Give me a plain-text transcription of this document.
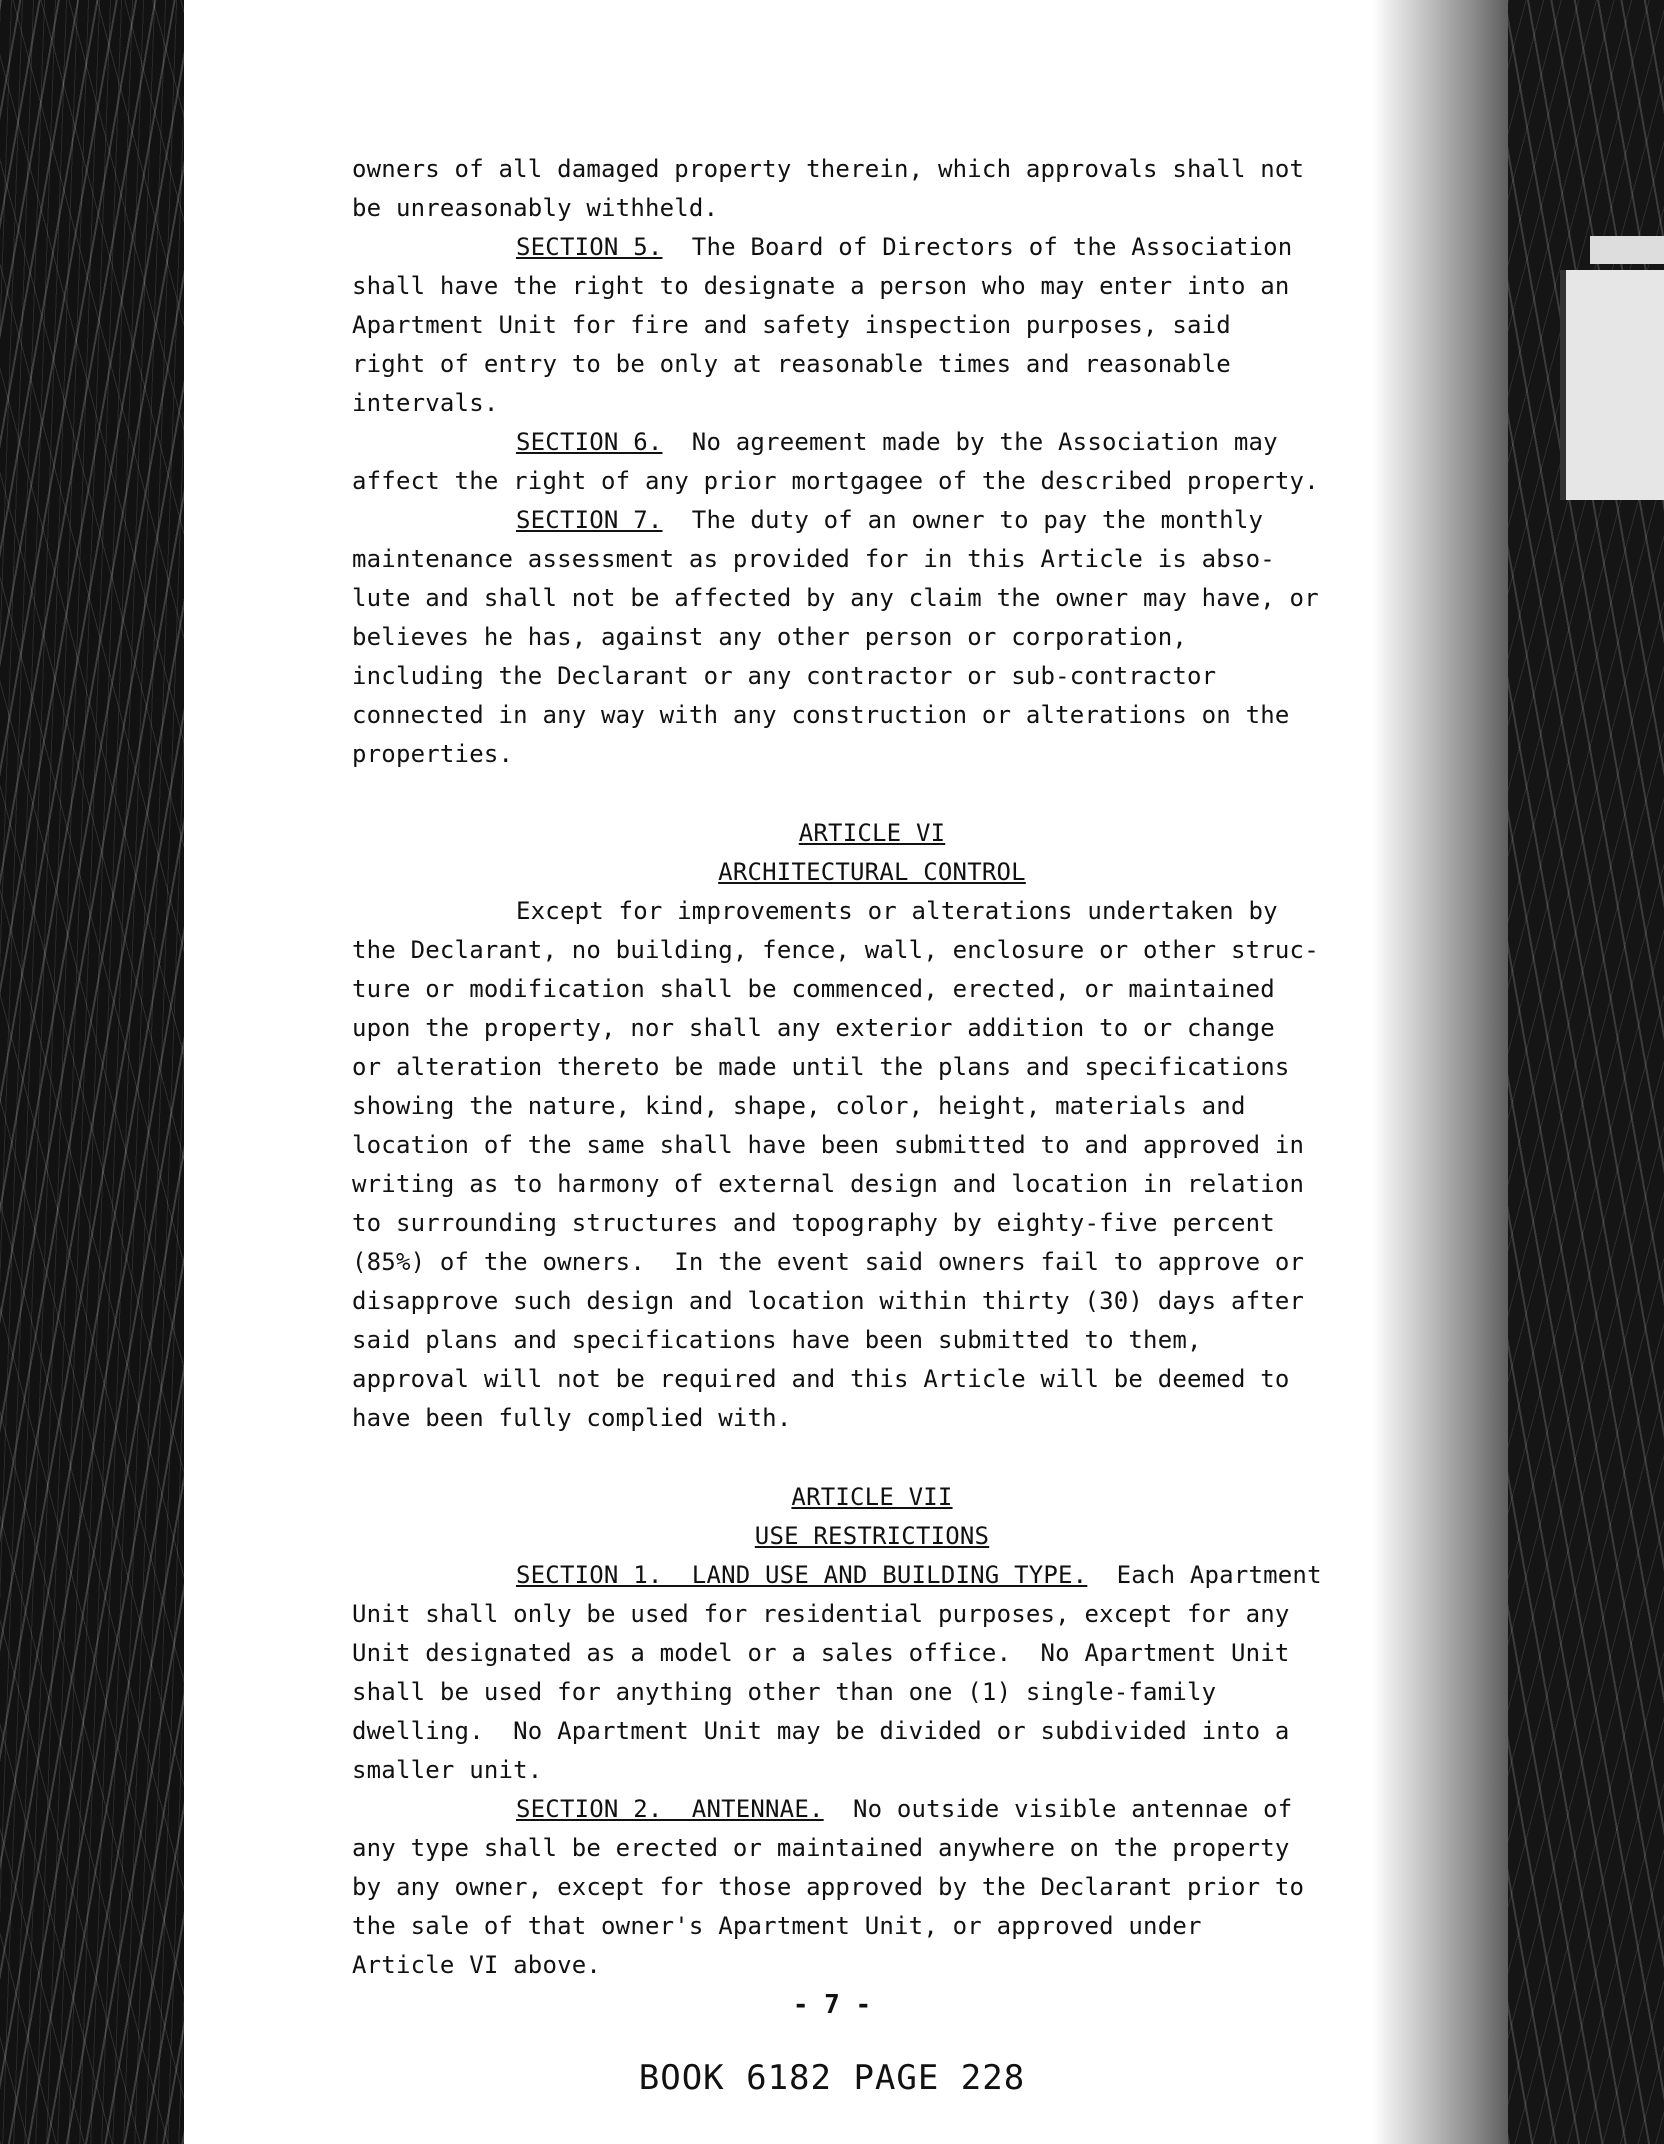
owners of all damaged property therein, which approvals shall not
be unreasonably withheld.
SECTION 5.  The Board of Directors of the Association
shall have the right to designate a person who may enter into an
Apartment Unit for fire and safety inspection purposes, said
right of entry to be only at reasonable times and reasonable
intervals.
SECTION 6.  No agreement made by the Association may
affect the right of any prior mortgagee of the described property.
SECTION 7.  The duty of an owner to pay the monthly
maintenance assessment as provided for in this Article is abso-
lute and shall not be affected by any claim the owner may have, or
believes he has, against any other person or corporation,
including the Declarant or any contractor or sub-contractor
connected in any way with any construction or alterations on the
properties.
ARTICLE VI
ARCHITECTURAL CONTROL
Except for improvements or alterations undertaken by
the Declarant, no building, fence, wall, enclosure or other struc-
ture or modification shall be commenced, erected, or maintained
upon the property, nor shall any exterior addition to or change
or alteration thereto be made until the plans and specifications
showing the nature, kind, shape, color, height, materials and
location of the same shall have been submitted to and approved in
writing as to harmony of external design and location in relation
to surrounding structures and topography by eighty-five percent
(85%) of the owners.  In the event said owners fail to approve or
disapprove such design and location within thirty (30) days after
said plans and specifications have been submitted to them,
approval will not be required and this Article will be deemed to
have been fully complied with.
ARTICLE VII
USE RESTRICTIONS
SECTION 1.  LAND USE AND BUILDING TYPE.  Each Apartment
Unit shall only be used for residential purposes, except for any
Unit designated as a model or a sales office.  No Apartment Unit
shall be used for anything other than one (1) single-family
dwelling.  No Apartment Unit may be divided or subdivided into a
smaller unit.
SECTION 2.  ANTENNAE.  No outside visible antennae of
any type shall be erected or maintained anywhere on the property
by any owner, except for those approved by the Declarant prior to
the sale of that owner's Apartment Unit, or approved under
Article VI above.
- 7 -
BOOK 6182 PAGE 228
